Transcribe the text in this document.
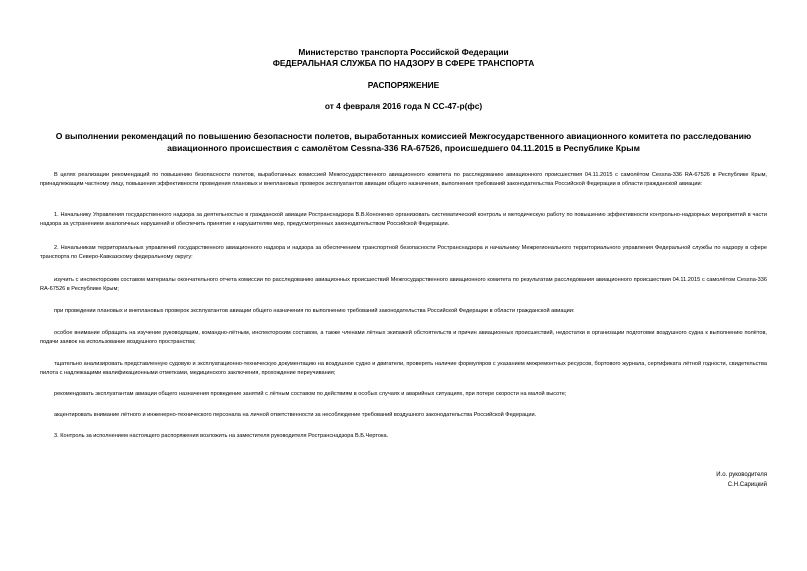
Министерство транспорта Российской Федерации
ФЕДЕРАЛЬНАЯ СЛУЖБА ПО НАДЗОРУ В СФЕРЕ ТРАНСПОРТА
РАСПОРЯЖЕНИЕ
от 4 февраля 2016 года N СС-47-р(фс)
О выполнении рекомендаций по повышению безопасности полетов, выработанных комиссией Межгосударственного авиационного комитета по расследованию авиационного происшествия с самолётом Cessna-336 RA-67526, происшедшего 04.11.2015 в Республике Крым

В целях реализации рекомендаций по повышению безопасности полетов, выработанных комиссией Межгосударственного авиационного комитета по расследованию авиационного происшествия 04.11.2015 с самолётом Cessna-336 RA-67526 в Республике Крым, принадлежащим частному лицу, повышения эффективности проведения плановых и внеплановых проверок эксплуатантов авиации общего назначения, выполнения требований законодательства Российской Федерации в области гражданской авиации:

1. Начальнику Управления государственного надзора за деятельностью в гражданской авиации Ространснадзора В.В.Кононенко организовать систематический контроль и методическую работу по повышению эффективности контрольно-надзорных мероприятий в части надзора за устранением аналогичных нарушений и обеспечить принятие к нарушителям мер, предусмотренных законодательством Российской Федерации.

2. Начальникам территориальных управлений государственного авиационного надзора и надзора за обеспечением транспортной безопасности Ространснадзора и начальнику Межрегионального территориального управления Федеральной службы по надзору в сфере транспорта по Северо-Кавказскому федеральному округу:

изучить с инспекторским составом материалы окончательного отчета комиссии по расследованию авиационных происшествий Межгосударственного авиационного комитета по результатам расследования авиационного происшествия 04.11.2015 с самолётом Cessna-336 RA-67526 в Республике Крым;

при проведении плановых и внеплановых проверок эксплуатантов авиации общего назначения по выполнению требований законодательства Российской Федерации в области гражданской авиации:

особое внимание обращать на изучение руководящим, командно-лётным, инспекторским составом, а также членами лётных экипажей обстоятельств и причин авиационных происшествий, недостатки в организации подготовки воздушного судна к выполнению полётов, подачи заявок на использование воздушного пространства;

тщательно анализировать представленную судовую и эксплуатационно-техническую документацию на воздушное судно и двигатели, проверять наличие формуляров с указанием межремонтных ресурсов, бортового журнала, сертификата лётной годности, свидетельства пилота с надлежащими квалификационными отметками, медицинского заключения, прохождение переучивания;

рекомендовать эксплуатантам авиации общего назначения проведение занятий с лётным составом по действиям в особых случаях и аварийных ситуациях, при потере скорости на малой высоте;

акцентировать внимание лётного и инженерно-технического персонала на личной ответственности за несоблюдение требований воздушного законодательства Российской Федерации.

3. Контроль за исполнением настоящего распоряжения возложить на заместителя руководителя Ространснадзора В.Б.Чертока.

И.о. руководителя
С.Н.Сарицкий
